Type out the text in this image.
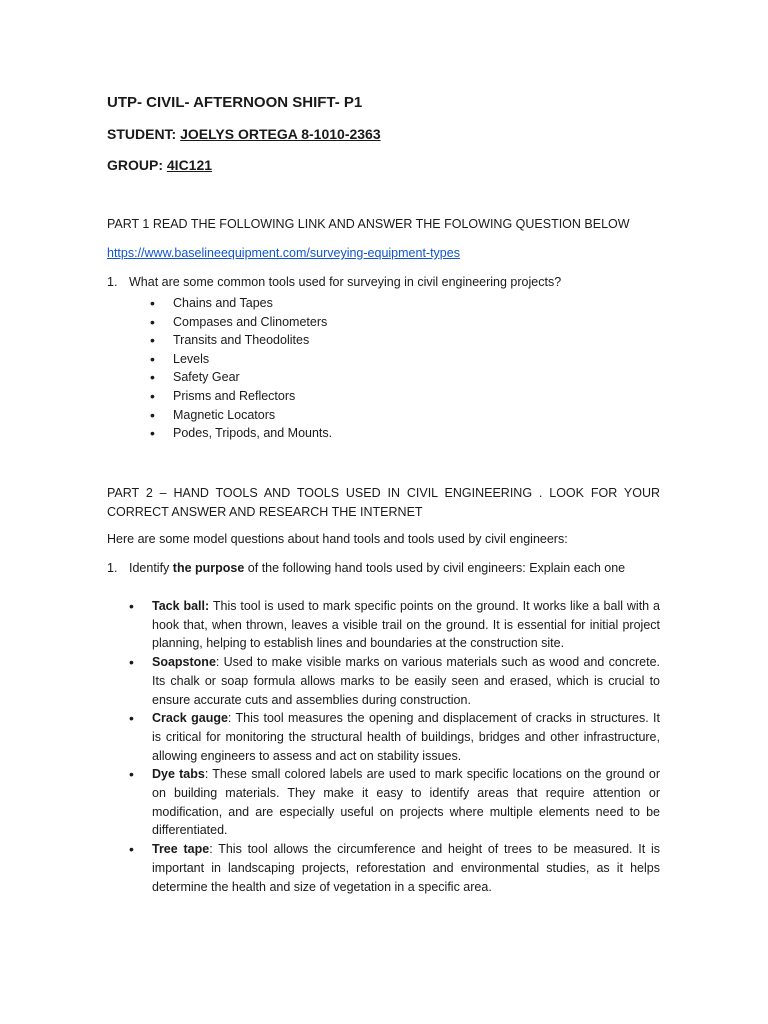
UTP- CIVIL- AFTERNOON SHIFT- P1
STUDENT: JOELYS ORTEGA 8-1010-2363
GROUP: 4IC121
PART 1 READ THE FOLLOWING LINK AND ANSWER THE FOLOWING QUESTION BELOW
https://www.baselineequipment.com/surveying-equipment-types
1. What are some common tools used for surveying in civil engineering projects?
• Chains and Tapes
• Compases and Clinometers
• Transits and Theodolites
• Levels
• Safety Gear
• Prisms and Reflectors
• Magnetic Locators
• Podes, Tripods, and Mounts.
PART 2 – HAND TOOLS AND TOOLS USED IN CIVIL ENGINEERING . LOOK FOR YOUR CORRECT ANSWER AND RESEARCH THE INTERNET
Here are some model questions about hand tools and tools used by civil engineers:
1. Identify the purpose of the following hand tools used by civil engineers: Explain each one
• Tack ball: This tool is used to mark specific points on the ground. It works like a ball with a hook that, when thrown, leaves a visible trail on the ground. It is essential for initial project planning, helping to establish lines and boundaries at the construction site.
• Soapstone: Used to make visible marks on various materials such as wood and concrete. Its chalk or soap formula allows marks to be easily seen and erased, which is crucial to ensure accurate cuts and assemblies during construction.
• Crack gauge: This tool measures the opening and displacement of cracks in structures. It is critical for monitoring the structural health of buildings, bridges and other infrastructure, allowing engineers to assess and act on stability issues.
• Dye tabs: These small colored labels are used to mark specific locations on the ground or on building materials. They make it easy to identify areas that require attention or modification, and are especially useful on projects where multiple elements need to be differentiated.
• Tree tape: This tool allows the circumference and height of trees to be measured. It is important in landscaping projects, reforestation and environmental studies, as it helps determine the health and size of vegetation in a specific area.
